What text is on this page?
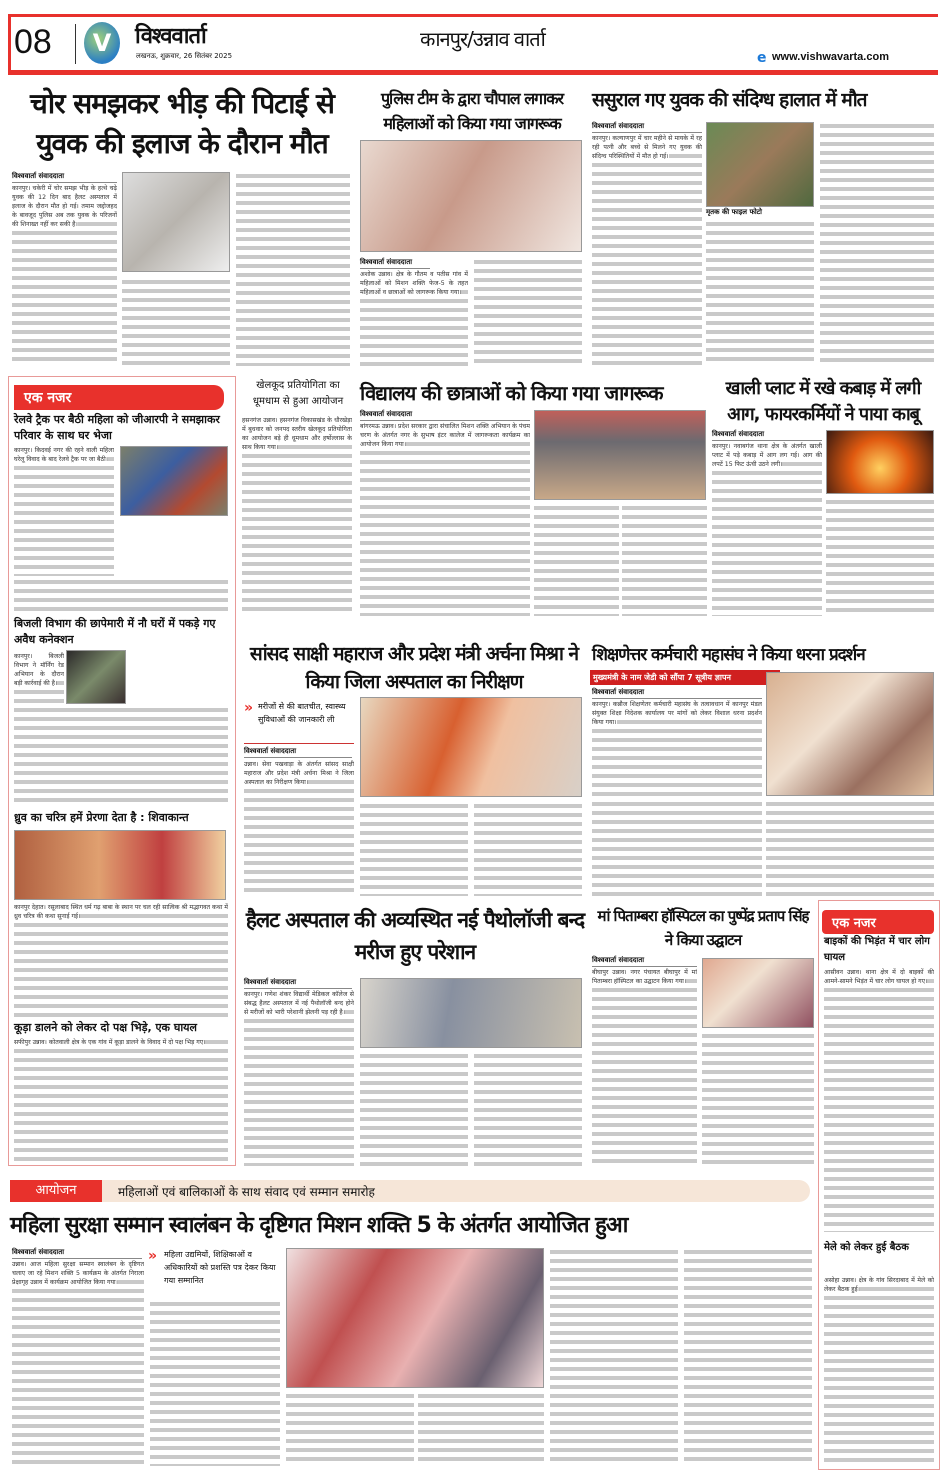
08	V	विश्ववार्ता
लखनऊ, शुक्रवार, 26 सितंबर 2025
कानपुर/उन्नाव वार्ता
e www.vishwavarta.com
चोर समझकर भीड़ की पिटाई से युवक की इलाज के दौरान मौत
विश्ववार्ता संवाददाता
कानपुर। चकेरी में चोर समझ भीड़ के हत्थे चढ़े युवक की 12 दिन बाद हैलट अस्पताल में इलाज के दौरान मौत हो गई। तमाम जद्दोजहद के बावजूद पुलिस अब तक युवक के परिजनों की शिनाख्त नहीं कर सकी है।
पुलिस टीम के द्वारा चौपाल लगाकर महिलाओं को किया गया जागरूक
विश्ववार्ता संवाददाता
अशोक उन्नाव। क्षेत्र के गौतम व पतीस गांव में महिलाओं को मिशन शक्ति फेज-5 के तहत महिलाओं व छात्राओं को जागरूक किया गया।
ससुराल गए युवक की संदिग्ध हालात में मौत
विश्ववार्ता संवाददाता
कानपुर। कल्याणपुर में चार महीने से मायके में रह रही पत्नी और बच्चे से मिलने गए युवक की संदिग्ध परिस्थितियों में मौत हो गई।
मृतक की फाइल फोटो
एक नजर
रेलवे ट्रैक पर बैठी महिला को जीआरपी ने समझाकर परिवार के साथ घर भेजा
कानपुर। किदवई नगर की रहने वाली महिला घरेलू विवाद के बाद रेलवे ट्रैक पर जा बैठी।
बिजली विभाग की छापेमारी में नौ घरों में पकड़े गए अवैध कनेक्शन
कानपुर। बिजली विभाग ने मॉर्निंग रेड अभियान के दौरान बड़ी कार्रवाई की है।
ध्रुव का चरित्र हमें प्रेरणा देता है : शिवाकान्त
कानपुर देहात। रसूलाबाद स्थित धर्म गढ़ बाबा के स्थान पर चल रही सात्विक श्री मद्भागवत कथा में ध्रुव चरित्र की कथा सुनाई गई।
कूड़ा डालने को लेकर दो पक्ष भिड़े, एक घायल
सफीपुर उन्नाव। कोतवाली क्षेत्र के एक गांव में कूड़ा डालने के विवाद में दो पक्ष भिड़ गए।
खेलकूद प्रतियोगिता का धूमधाम से हुआ आयोजन
हसनगंज उन्नाव। हसनगंज विकासखंड के धौरखेड़ा में बुधवार को जनपद स्तरीय खेलकूद प्रतियोगिता का आयोजन बड़े ही धूमधाम और हर्षोल्लास के साथ किया गया।
विद्यालय की छात्राओं को किया गया जागरूक
विश्ववार्ता संवाददाता
बांगरमऊ उन्नाव। प्रदेश सरकार द्वारा संचालित मिशन शक्ति अभियान के पंचम चरण के अंतर्गत नगर के सुभाष इंटर कालेज में जागरूकता कार्यक्रम का आयोजन किया गया।
खाली प्लाट में रखे कबाड़ में लगी आग, फायरकर्मियों ने पाया काबू
विश्ववार्ता संवाददाता
कानपुर। नवाबगंज थाना क्षेत्र के अंतर्गत खाली प्लाट में पड़े कबाड़ में आग लग गई। आग की लपटें 15 फिट ऊंची उठने लगी।
सांसद साक्षी महाराज और प्रदेश मंत्री अर्चना मिश्रा ने किया जिला अस्पताल का निरीक्षण
» मरीजों से की बातचीत, स्वास्थ्य सुविधाओं की जानकारी ली
विश्ववार्ता संवाददाता
उन्नाव। सेवा पखवाड़ा के अंतर्गत सांसद साक्षी महाराज और प्रदेश मंत्री अर्चना मिश्रा ने जिला अस्पताल का निरीक्षण किया।
शिक्षणेत्तर कर्मचारी महासंघ ने किया धरना प्रदर्शन
मुख्यमंत्री के नाम जेडी को सौंपा 7 सूत्रीय ज्ञापन
विश्ववार्ता संवाददाता
कानपुर। कन्नौज शिक्षणेतर कर्मचारी महासंघ के तत्वावधान में कानपुर मंडल संयुक्त शिक्षा निदेशक कार्यालय पर मांगों को लेकर विशाल धरना प्रदर्शन किया गया।
हैलट अस्पताल की अव्यस्थित नई पैथोलॉजी बन्द मरीज हुए परेशान
विश्ववार्ता संवाददाता
कानपुर। गणेश शंकर विद्यार्थी मेडिकल कॉलेज से संबद्ध हैलट अस्पताल में नई पैथोलॉजी बन्द होने से मरीजों को भारी परेशानी झेलनी पड़ रही है।
मां पिताम्बरा हॉस्पिटल का पुष्पेंद्र प्रताप सिंह ने किया उद्घाटन
विश्ववार्ता संवाददाता
बीघापुर उन्नाव। नगर पंचायत बीघापुर में मां पिताम्बरा हॉस्पिटल का उद्घाटन किया गया।
एक नजर
बाइकों की भिड़ंत में चार लोग घायल
आसीवन उन्नाव। थाना क्षेत्र में दो बाइकों की आमने-सामने भिड़ंत में चार लोग घायल हो गए।
मेले को लेकर हुई बैठक
असोहा उन्नाव। क्षेत्र के गांव सिरदाबाद में मेले को लेकर बैठक हुई।
आयोजन	महिलाओं एवं बालिकाओं के साथ संवाद एवं सम्मान समारोह
महिला सुरक्षा सम्मान स्वालंबन के दृष्टिगत मिशन शक्ति 5 के अंतर्गत आयोजित हुआ
विश्ववार्ता संवाददाता
उन्नाव। आज महिला सुरक्षा सम्मान स्वालंबन के दृष्टिगत चलाए जा रहे मिशन शक्ति 5 कार्यक्रम के अंतर्गत निराला प्रेक्षागृह उन्नाव में कार्यक्रम आयोजित किया गया।
» महिला उद्यमियों, शिक्षिकाओं व अधिकारियों को प्रशस्ति पत्र देकर किया गया सम्मानित
